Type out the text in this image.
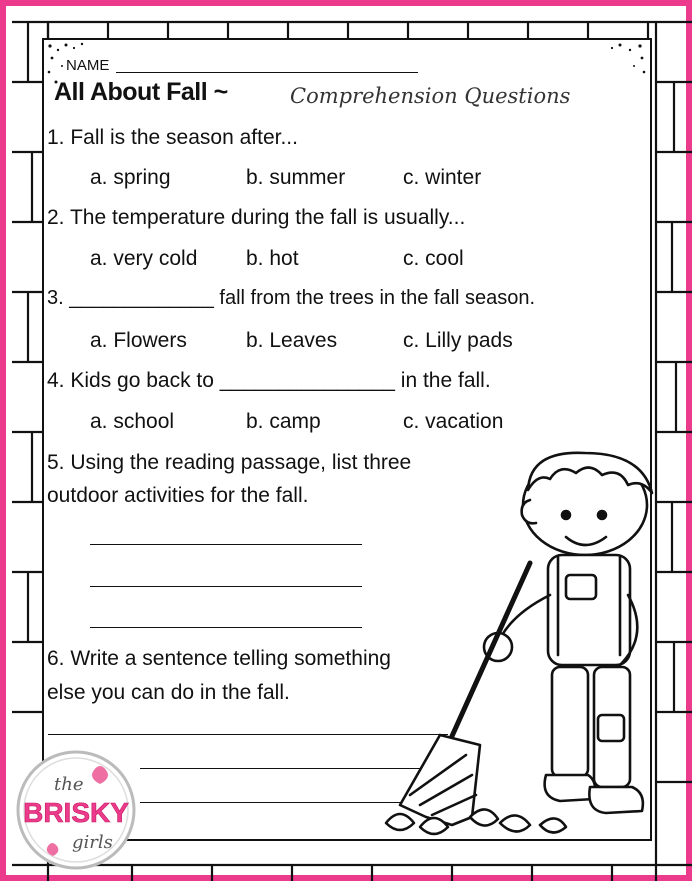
NAME
All About Fall ~	Comprehension Questions
1. Fall is the season after...
a. spring	b. summer	c. winter
2. The temperature during the fall is usually...
a. very cold b. hot	c. cool
3. _____________ fall from the trees in the fall season.
a. Flowers	b. Leaves	c. Lilly pads
4. Kids go back to _______________ in the fall.
a. school	b. camp	c. vacation
5. Using the reading passage, list three
outdoor activities for the fall.
6. Write a sentence telling something
else you can do in the fall.
the
BRISKY
girls
